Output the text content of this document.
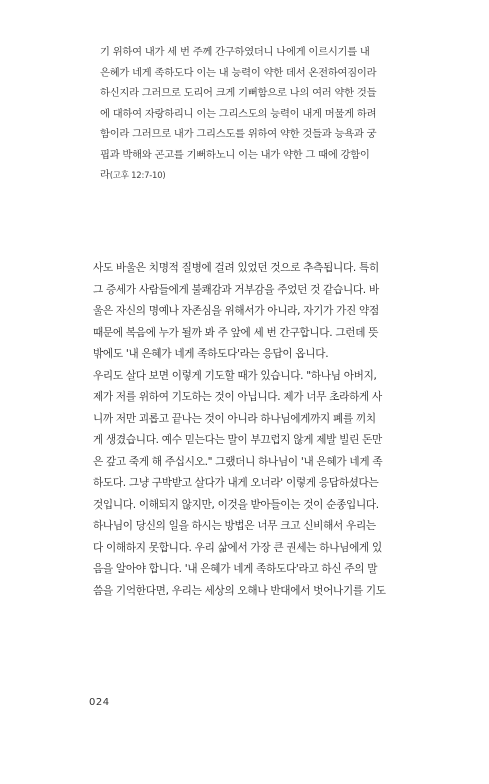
기 위하여 내가 세 번 주께 간구하였더니 나에게 이르시기를 내
은혜가 네게 족하도다 이는 내 능력이 약한 데서 온전하여짐이라
하신지라 그러므로 도리어 크게 기뻐함으로 나의 여러 약한 것들
에 대하여 자랑하리니 이는 그리스도의 능력이 내게 머물게 하려
함이라 그러므로 내가 그리스도를 위하여 약한 것들과 능욕과 궁
핍과 박해와 곤고를 기뻐하노니 이는 내가 약한 그 때에 강함이
라(고후 12:7-10)
사도 바울은 치명적 질병에 걸려 있었던 것으로 추측됩니다. 특히
그 증세가 사람들에게 불쾌감과 거부감을 주었던 것 같습니다. 바
울은 자신의 명예나 자존심을 위해서가 아니라, 자기가 가진 약점
때문에 복음에 누가 될까 봐 주 앞에 세 번 간구합니다. 그런데 뜻
밖에도 '내 은혜가 네게 족하도다'라는 응답이 옵니다.
우리도 살다 보면 이렇게 기도할 때가 있습니다. "하나님 아버지,
제가 저를 위하여 기도하는 것이 아닙니다. 제가 너무 초라하게 사
니까 저만 괴롭고 끝나는 것이 아니라 하나님에게까지 폐를 끼치
게 생겼습니다. 예수 믿는다는 말이 부끄럽지 않게 제발 빌린 돈만
은 갚고 죽게 해 주십시오." 그랬더니 하나님이 '내 은혜가 네게 족
하도다. 그냥 구박받고 살다가 내게 오너라' 이렇게 응답하셨다는
것입니다. 이해되지 않지만, 이것을 받아들이는 것이 순종입니다.
하나님이 당신의 일을 하시는 방법은 너무 크고 신비해서 우리는
다 이해하지 못합니다. 우리 삶에서 가장 큰 권세는 하나님에게 있
음을 알아야 합니다. '내 은혜가 네게 족하도다'라고 하신 주의 말
씀을 기억한다면, 우리는 세상의 오해나 반대에서 벗어나기를 기도
024
